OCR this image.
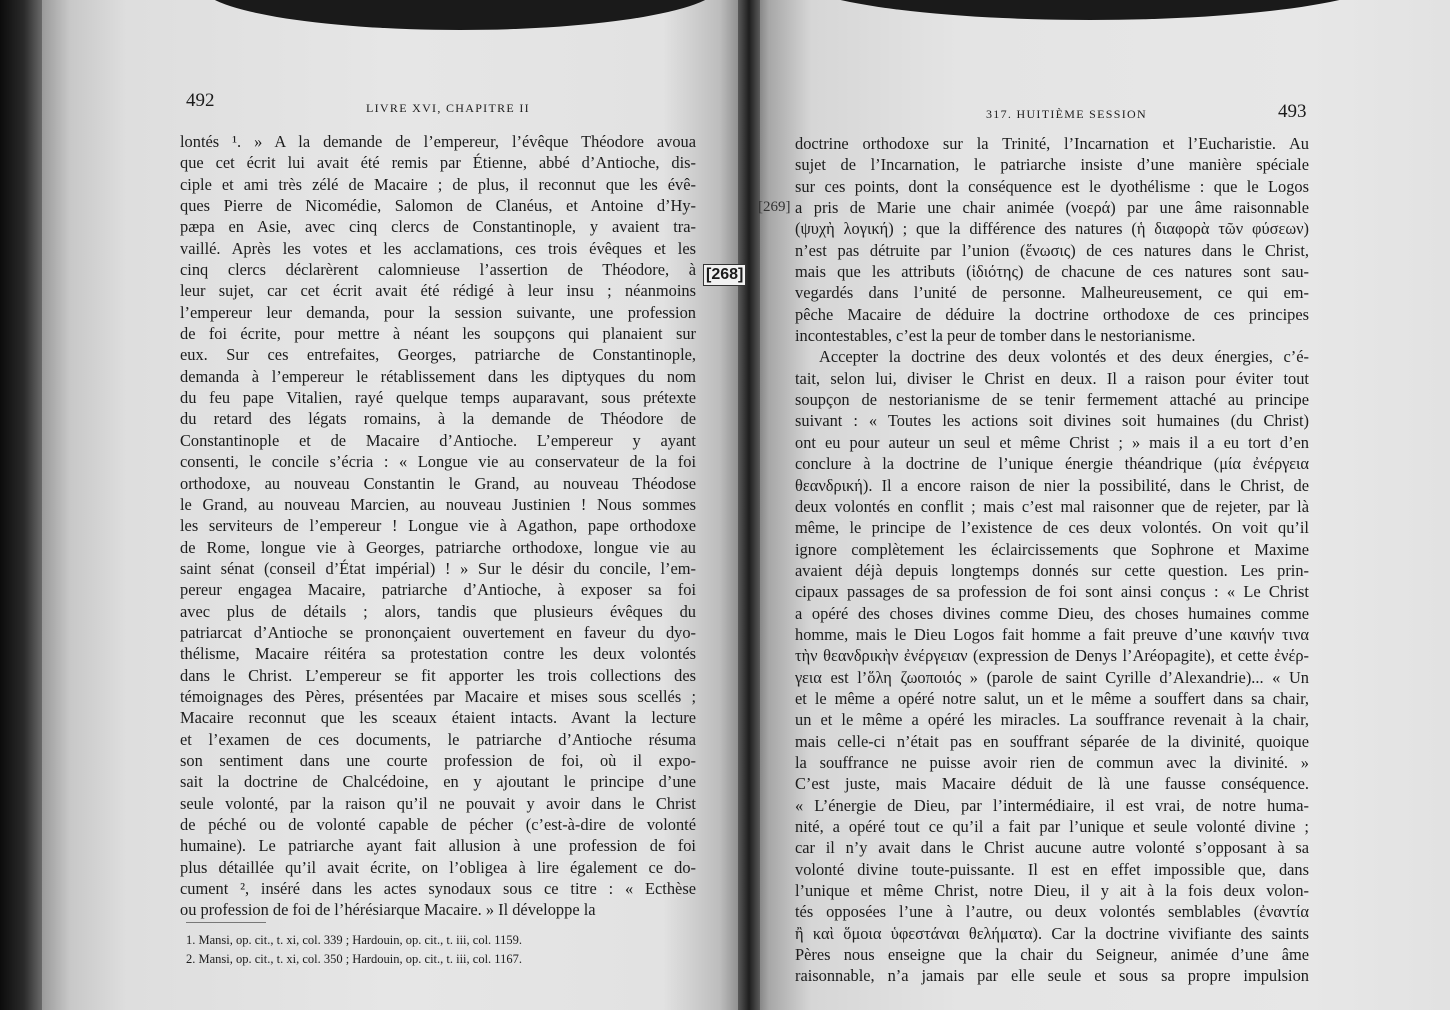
492	LIVRE XVI, CHAPITRE II	317. HUITIÈME SESSION	493
lontés ¹. » A la demande de l’empereur, l’évêque Théodore avoua
que cet écrit lui avait été remis par Étienne, abbé d’Antioche, dis-
ciple et ami très zélé de Macaire ; de plus, il reconnut que les évê-
ques Pierre de Nicomédie, Salomon de Clanéus, et Antoine d’Hy-
pæpa en Asie, avec cinq clercs de Constantinople, y avaient tra-
vaillé. Après les votes et les acclamations, ces trois évêques et les
cinq clercs déclarèrent calomnieuse l’assertion de Théodore, à
leur sujet, car cet écrit avait été rédigé à leur insu ; néanmoins
l’empereur leur demanda, pour la session suivante, une profession
de foi écrite, pour mettre à néant les soupçons qui planaient sur
eux. Sur ces entrefaites, Georges, patriarche de Constantinople,
demanda à l’empereur le rétablissement dans les diptyques du nom
du feu pape Vitalien, rayé quelque temps auparavant, sous prétexte
du retard des légats romains, à la demande de Théodore de
Constantinople et de Macaire d’Antioche. L’empereur y ayant
consenti, le concile s’écria : « Longue vie au conservateur de la foi
orthodoxe, au nouveau Constantin le Grand, au nouveau Théodose
le Grand, au nouveau Marcien, au nouveau Justinien ! Nous sommes
les serviteurs de l’empereur ! Longue vie à Agathon, pape orthodoxe
de Rome, longue vie à Georges, patriarche orthodoxe, longue vie au
saint sénat (conseil d’État impérial) ! » Sur le désir du concile, l’em-
pereur engagea Macaire, patriarche d’Antioche, à exposer sa foi
avec plus de détails ; alors, tandis que plusieurs évêques du
patriarcat d’Antioche se prononçaient ouvertement en faveur du dyo-
thélisme, Macaire réitéra sa protestation contre les deux volontés
dans le Christ. L’empereur se fit apporter les trois collections des
témoignages des Pères, présentées par Macaire et mises sous scellés ;
Macaire reconnut que les sceaux étaient intacts. Avant la lecture
et l’examen de ces documents, le patriarche d’Antioche résuma
son sentiment dans une courte profession de foi, où il expo-
sait la doctrine de Chalcédoine, en y ajoutant le principe d’une
seule volonté, par la raison qu’il ne pouvait y avoir dans le Christ
de péché ou de volonté capable de pécher (c’est-à-dire de volonté
humaine). Le patriarche ayant fait allusion à une profession de foi
plus détaillée qu’il avait écrite, on l’obligea à lire également ce do-
cument ², inséré dans les actes synodaux sous ce titre : « Ecthèse
ou profession de foi de l’hérésiarque Macaire. » Il développe la
[268]
1. Mansi, op. cit., t. xi, col. 339 ; Hardouin, op. cit., t. iii, col. 1159.
2. Mansi, op. cit., t. xi, col. 350 ; Hardouin, op. cit., t. iii, col. 1167.
[269]
doctrine orthodoxe sur la Trinité, l’Incarnation et l’Eucharistie. Au
sujet de l’Incarnation, le patriarche insiste d’une manière spéciale
sur ces points, dont la conséquence est le dyothélisme : que le Logos
a pris de Marie une chair animée (νοερά) par une âme raisonnable
(ψυχὴ λογική) ; que la différence des natures (ἡ διαφορὰ τῶν φύσεων)
n’est pas détruite par l’union (ἕνωσις) de ces natures dans le Christ,
mais que les attributs (ἰδιότης) de chacune de ces natures sont sau-
vegardés dans l’unité de personne. Malheureusement, ce qui em-
pêche Macaire de déduire la doctrine orthodoxe de ces principes
incontestables, c’est la peur de tomber dans le nestorianisme.
Accepter la doctrine des deux volontés et des deux énergies, c’é-
tait, selon lui, diviser le Christ en deux. Il a raison pour éviter tout
soupçon de nestorianisme de se tenir fermement attaché au principe
suivant : « Toutes les actions soit divines soit humaines (du Christ)
ont eu pour auteur un seul et même Christ ; » mais il a eu tort d’en
conclure à la doctrine de l’unique énergie théandrique (μία ἐνέργεια
θεανδρική). Il a encore raison de nier la possibilité, dans le Christ, de
deux volontés en conflit ; mais c’est mal raisonner que de rejeter, par là
même, le principe de l’existence de ces deux volontés. On voit qu’il
ignore complètement les éclaircissements que Sophrone et Maxime
avaient déjà depuis longtemps donnés sur cette question. Les prin-
cipaux passages de sa profession de foi sont ainsi conçus : « Le Christ
a opéré des choses divines comme Dieu, des choses humaines comme
homme, mais le Dieu Logos fait homme a fait preuve d’une καινήν τινα
τὴν θεανδρικὴν ἐνέργειαν (expression de Denys l’Aréopagite), et cette ἐνέρ-
γεια est l’ὅλη ζωοποιός » (parole de saint Cyrille d’Alexandrie)... « Un
et le même a opéré notre salut, un et le même a souffert dans sa chair,
un et le même a opéré les miracles. La souffrance revenait à la chair,
mais celle-ci n’était pas en souffrant séparée de la divinité, quoique
la souffrance ne puisse avoir rien de commun avec la divinité. »
C’est juste, mais Macaire déduit de là une fausse conséquence.
« L’énergie de Dieu, par l’intermédiaire, il est vrai, de notre huma-
nité, a opéré tout ce qu’il a fait par l’unique et seule volonté divine ;
car il n’y avait dans le Christ aucune autre volonté s’opposant à sa
volonté divine toute-puissante. Il est en effet impossible que, dans
l’unique et même Christ, notre Dieu, il y ait à la fois deux volon-
tés opposées l’une à l’autre, ou deux volontés semblables (ἐναντία
ἢ καὶ ὅμοια ὑφεστάναι θελήματα). Car la doctrine vivifiante des saints
Pères nous enseigne que la chair du Seigneur, animée d’une âme
raisonnable, n’a jamais par elle seule et sous sa propre impulsion
